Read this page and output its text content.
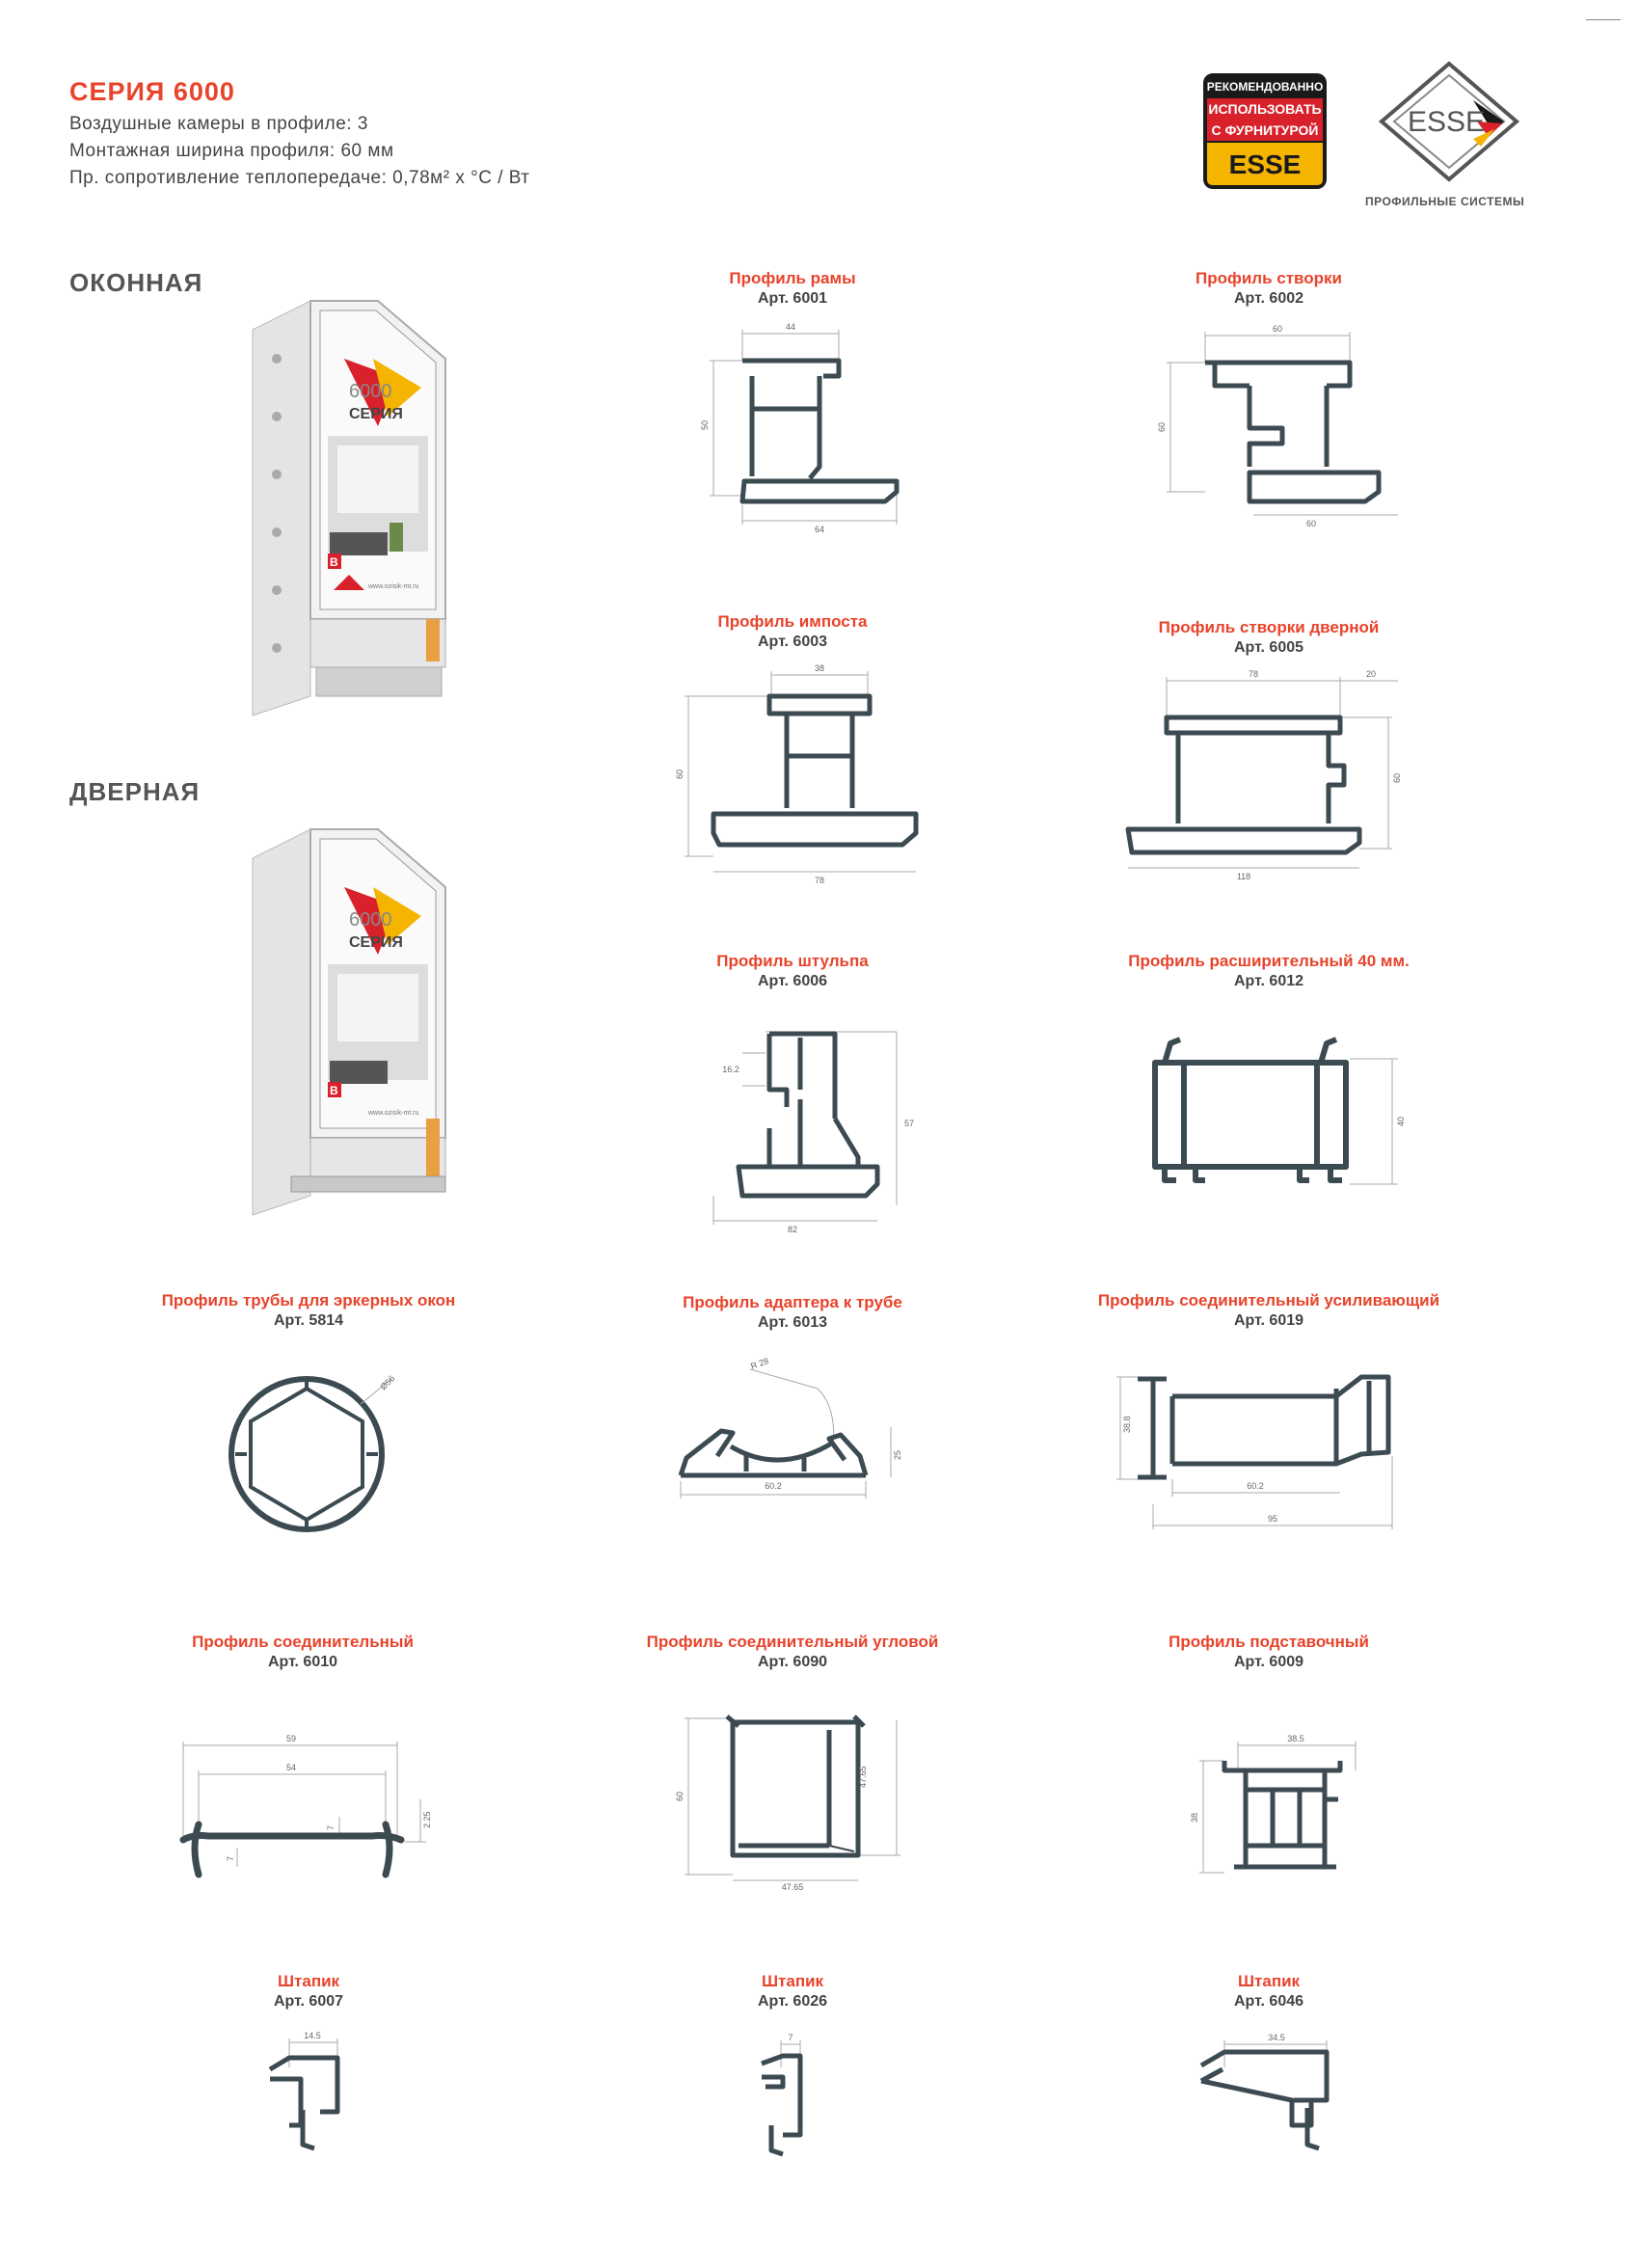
СЕРИЯ 6000
Воздушные камеры в профиле: 3
Монтажная ширина профиля: 60 мм
Пр. сопротивление теплопередаче: 0,78м² х °С / Вт
РЕКОМЕНДОВАННО
ИСПОЛЬЗОВАТЬ
С ФУРНИТУРОЙ
ESSE
ESSE
ПРОФИЛЬНЫЕ СИСТЕМЫ
ОКОННАЯ
ДВЕРНАЯ
СЕРИЯ
6000
B
www.ozisik-mt.ru
СЕРИЯ
6000
B
www.ozisik-mt.ru
Профиль рамы
Арт. 6001
44
50
64
Профиль створки
Арт. 6002
60
60
60
Профиль импоста
Арт. 6003
38
60
78
Профиль створки дверной
Арт. 6005
78	20
60
118
Профиль штульпа
Арт. 6006
16.2
57
82
Профиль расширительный 40 мм.
Арт. 6012
40
Профиль трубы для эркерных окон
Арт. 5814
Ø56
Профиль адаптера к трубе
Арт. 6013
R 28
25
60.2
Профиль соединительный усиливающий
Арт. 6019
38.8
60.2
95
Профиль соединительный
Арт. 6010
59
54
2.25
7
7
Профиль соединительный угловой
Арт. 6090
60
47.65
47.65
Профиль подставочный
Арт. 6009
38.5
38
Штапик
Арт. 6007
14.5
Штапик
Арт. 6026
7
Штапик
Арт. 6046
34.5
